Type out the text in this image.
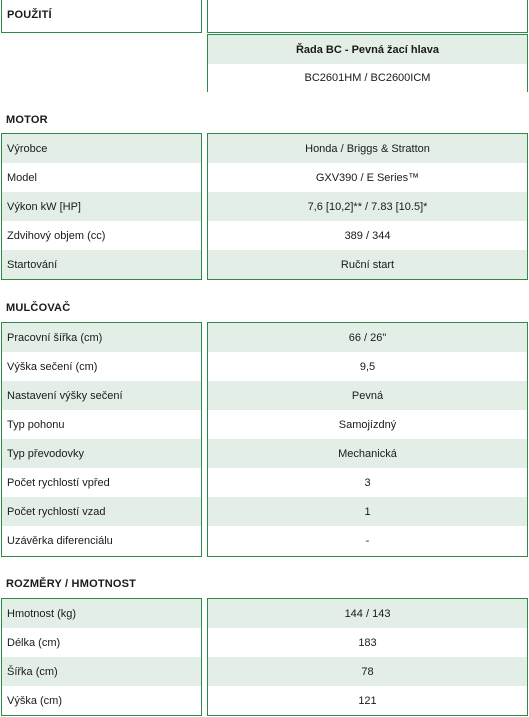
POUŽITÍ
Řada BC - Pevná žací hlava
BC2601HM / BC2600ICM
MOTOR
Výrobce
Model
Výkon kW [HP]
Zdvihový objem (cc)
Startování
Honda / Briggs & Stratton
GXV390 / E Series™
7,6 [10,2]** / 7.83 [10.5]*
389 / 344
Ruční start
MULČOVAČ
Pracovní šířka (cm)
Výška sečení (cm)
Nastavení výšky sečení
Typ pohonu
Typ převodovky
Počet rychlostí vpřed
Počet rychlostí vzad
Uzávěrka diferenciálu
66 / 26"
9,5
Pevná
Samojízdný
Mechanická
3
1
-
ROZMĚRY / HMOTNOST
Hmotnost (kg)
Délka (cm)
Šířka (cm)
Výška (cm)
144 / 143
183
78
121
